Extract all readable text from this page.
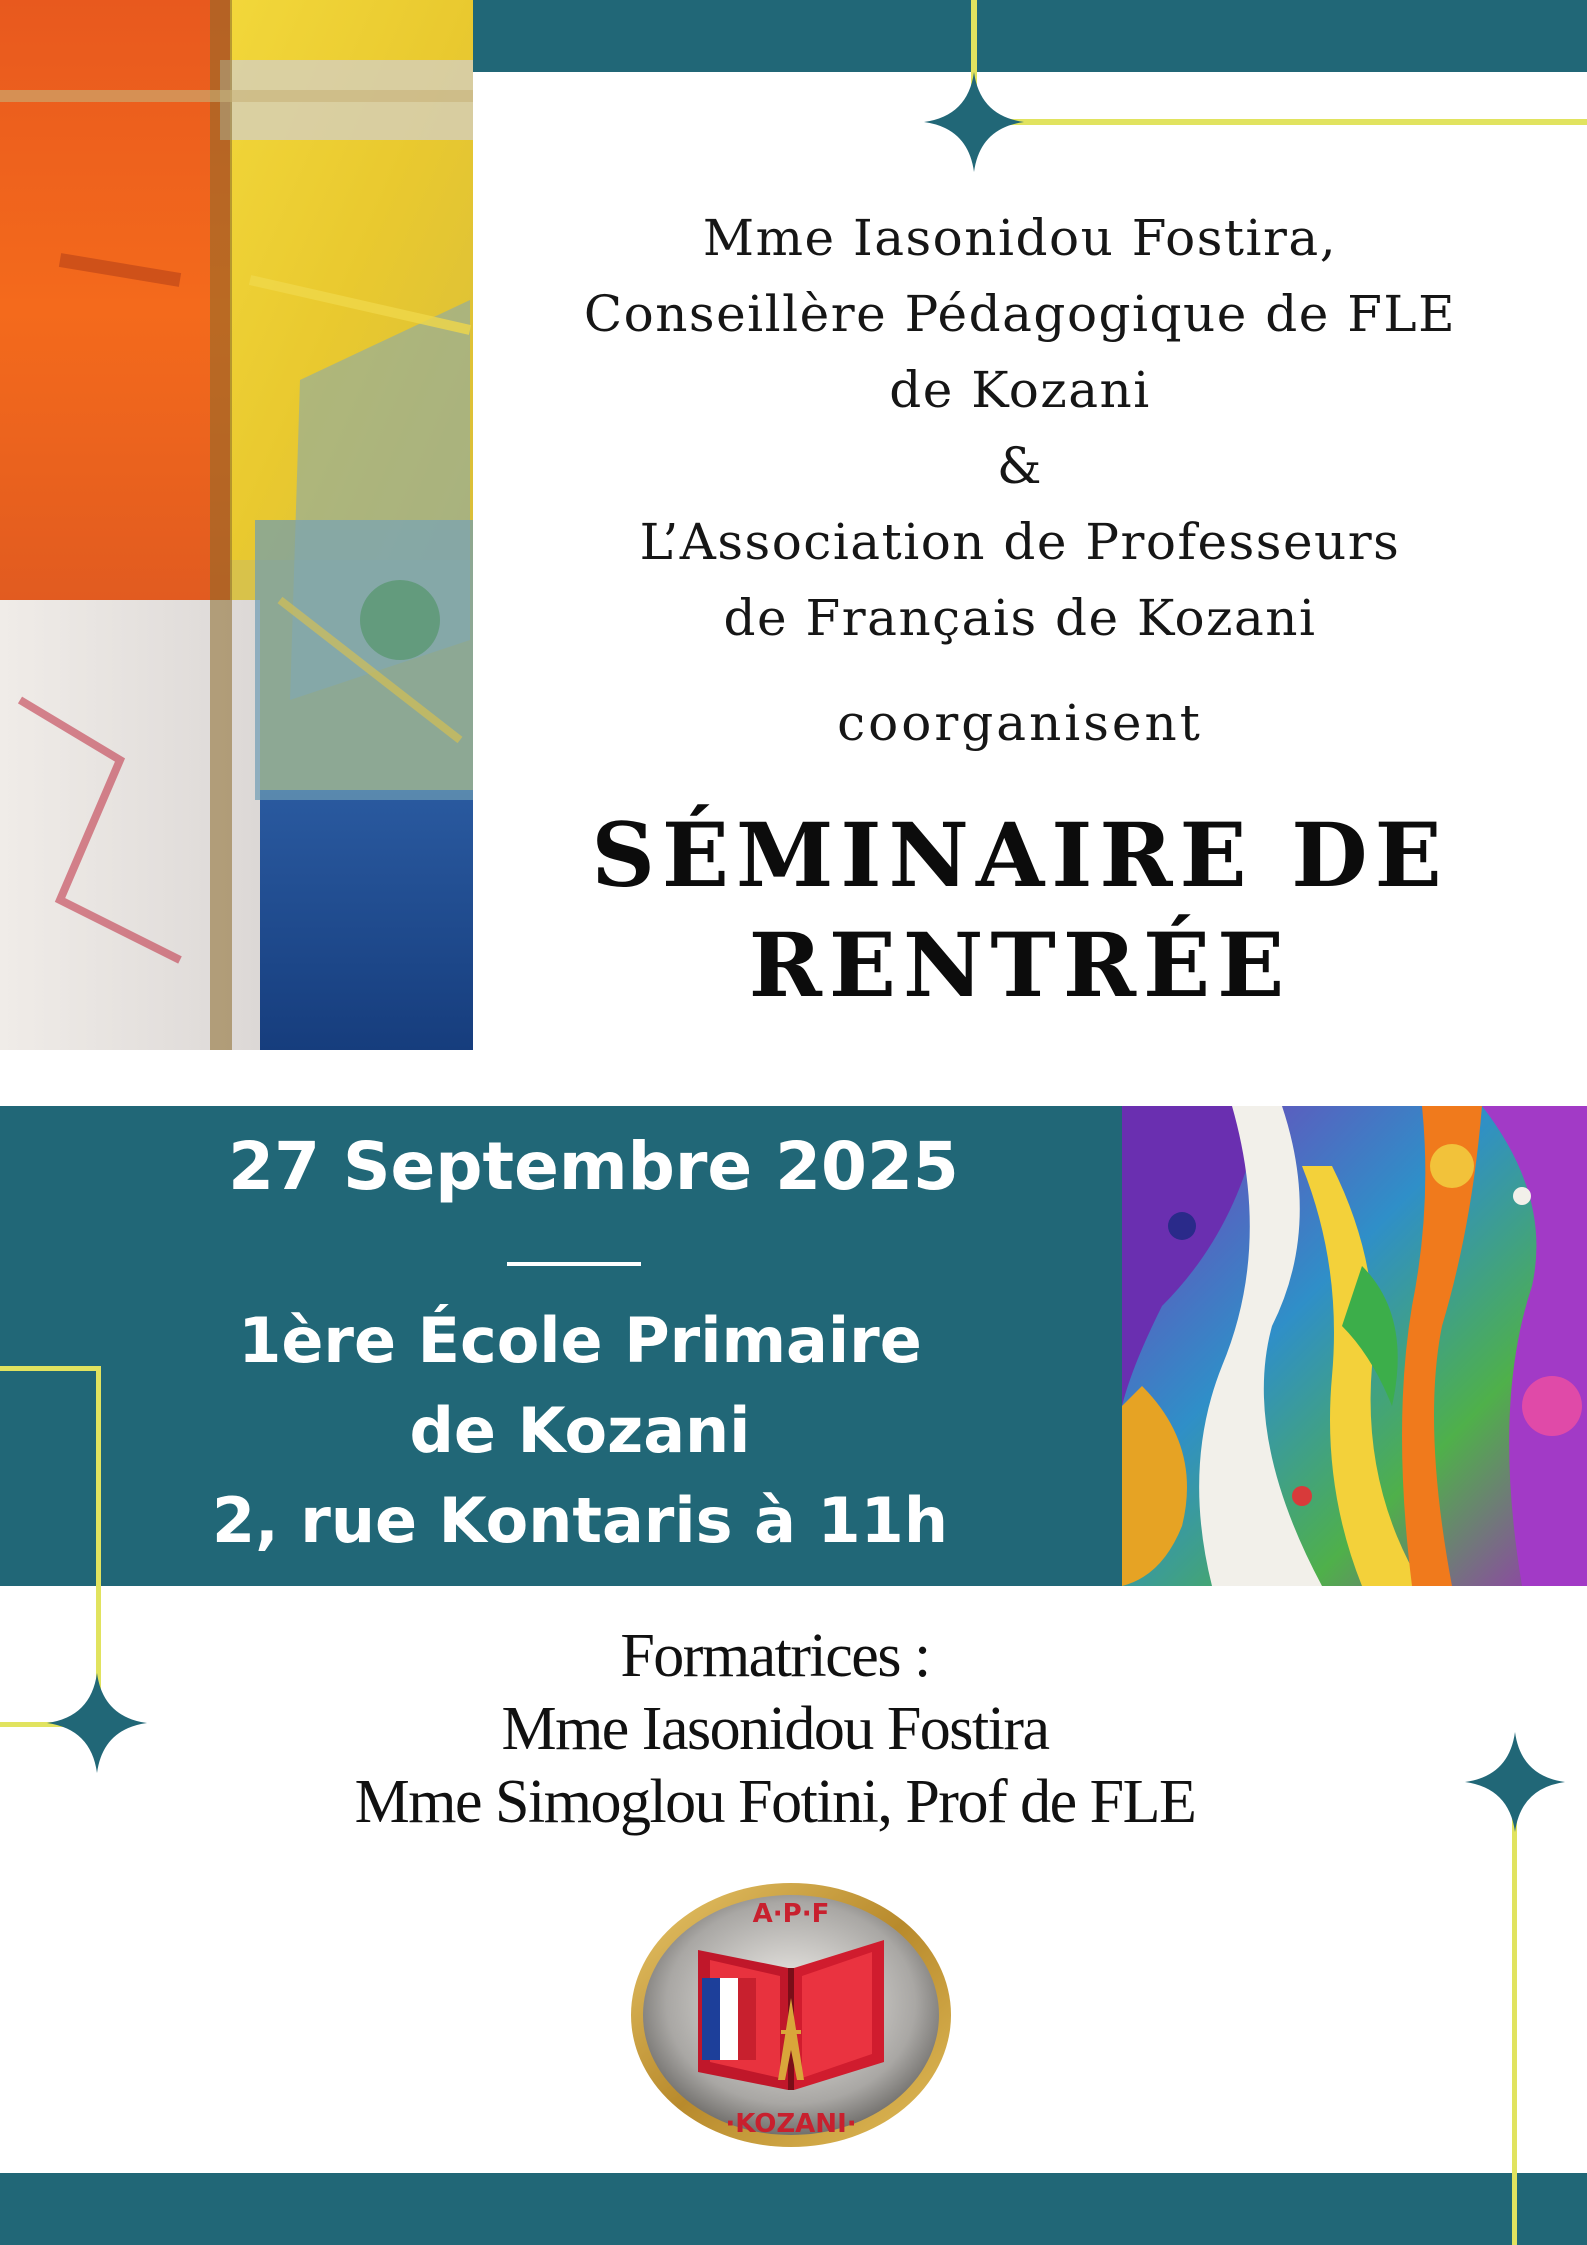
Mme Iasonidou Fostira,
Conseillère Pédagogique de FLE
de Kozani
&
L’Association de Professeurs
de Français de Kozani
coorganisent
SÉMINAIRE DE
RENTRÉE
27 Septembre 2025
1ère École Primaire
de Kozani
2, rue Kontaris à 11h
Formatrices :
Mme Iasonidou Fostira
Mme Simoglou Fotini, Prof de FLE
A·P·F
·KOZANI·
